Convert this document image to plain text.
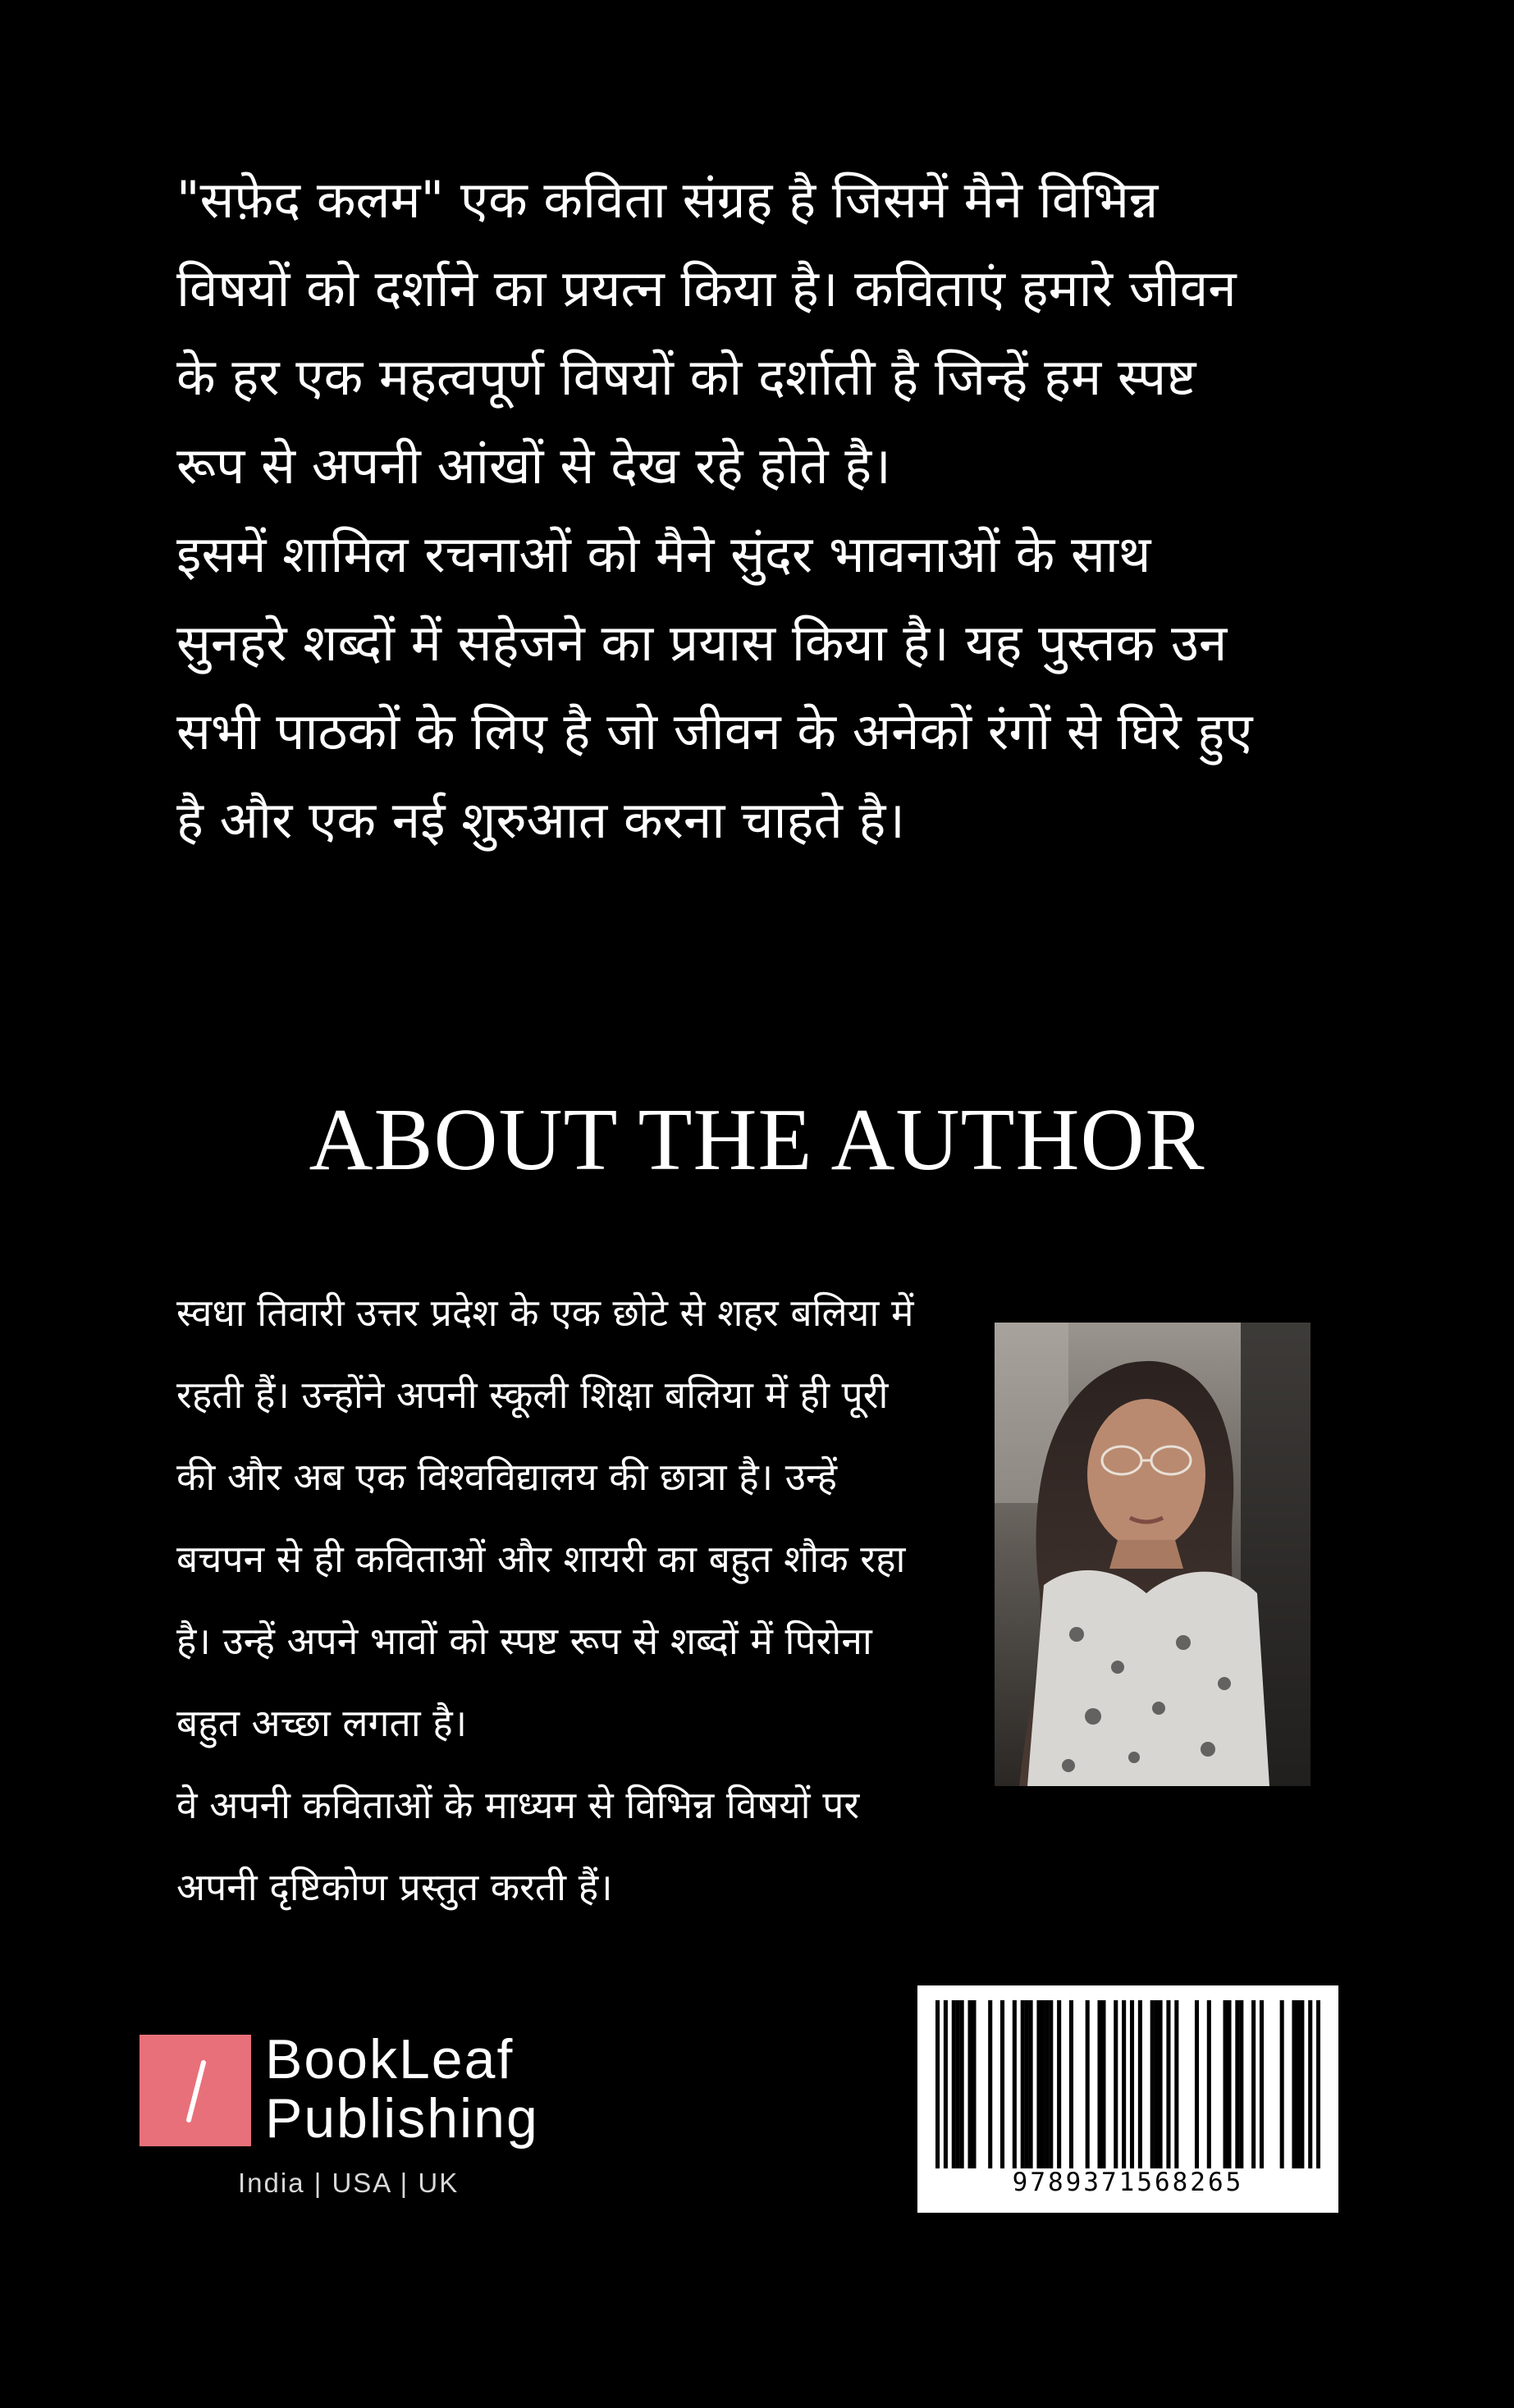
"सफ़ेद कलम" एक कविता संग्रह है जिसमें मैने विभिन्न विषयों को दर्शाने का प्रयत्न किया है। कविताएं हमारे जीवन के हर एक महत्वपूर्ण विषयों को दर्शाती है जिन्हें हम स्पष्ट रूप से अपनी आंखों से देख रहे होते है।

इसमें शामिल रचनाओं को मैने सुंदर भावनाओं के साथ सुनहरे शब्दों में सहेजने का प्रयास किया है। यह पुस्तक उन सभी पाठकों के लिए है जो जीवन के अनेकों रंगों से घिरे हुए है और एक नई शुरुआत करना चाहते है।

ABOUT THE AUTHOR

स्वधा तिवारी उत्तर प्रदेश के एक छोटे से शहर बलिया में रहती हैं। उन्होंने अपनी स्कूली शिक्षा बलिया में ही पूरी की और अब एक विश्वविद्यालय की छात्रा है। उन्हें बचपन से ही कविताओं और शायरी का बहुत शौक रहा है। उन्हें अपने भावों को स्पष्ट रूप से शब्दों में पिरोना बहुत अच्छा लगता है।

वे अपनी कविताओं के माध्यम से विभिन्न विषयों पर अपनी दृष्टिकोण प्रस्तुत करती हैं।

BookLeaf
Publishing
India | USA | UK	9789371568265
